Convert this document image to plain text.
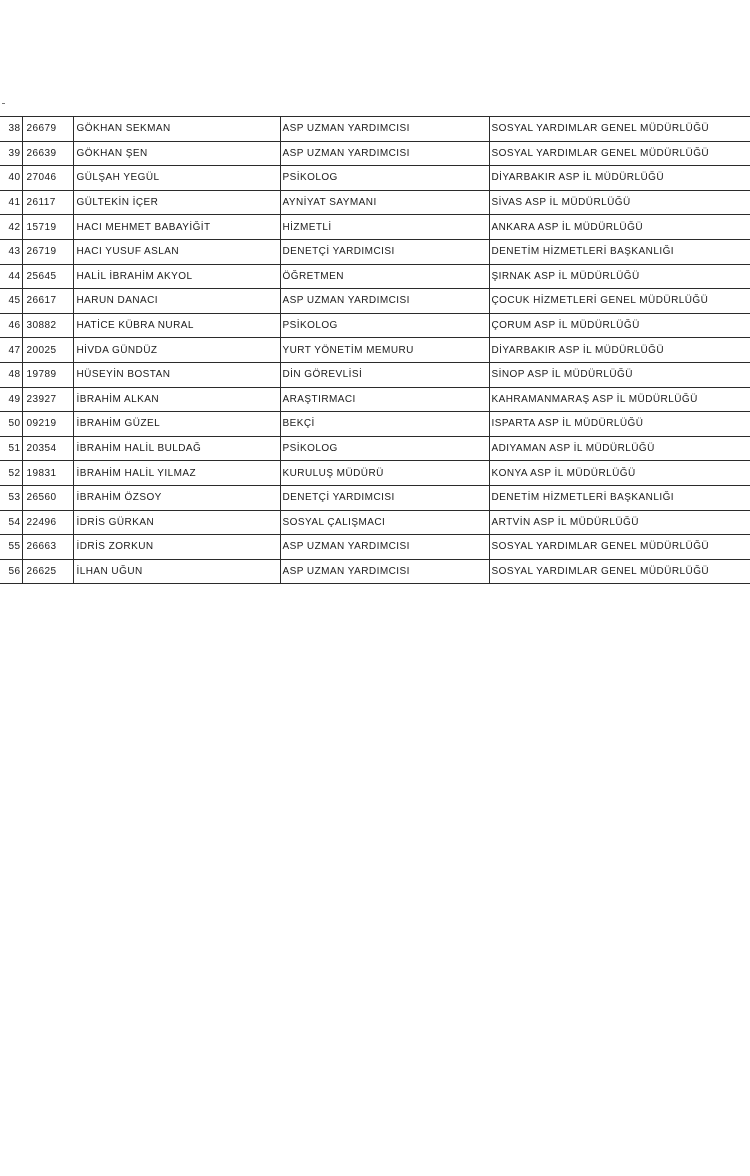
38	26679	GÖKHAN SEKMAN	ASP UZMAN YARDIMCISI	SOSYAL YARDIMLAR GENEL MÜDÜRLÜĞÜ
39	26639	GÖKHAN ŞEN	ASP UZMAN YARDIMCISI	SOSYAL YARDIMLAR GENEL MÜDÜRLÜĞÜ
40	27046	GÜLŞAH YEGÜL	PSİKOLOG	DİYARBAKIR ASP İL MÜDÜRLÜĞÜ
41	26117	GÜLTEKİN İÇER	AYNİYAT SAYMANI	SİVAS ASP İL MÜDÜRLÜĞÜ
42	15719	HACI MEHMET BABAYİĞİT	HİZMETLİ	ANKARA ASP İL MÜDÜRLÜĞÜ
43	26719	HACI YUSUF ASLAN	DENETÇİ YARDIMCISI	DENETİM HİZMETLERİ BAŞKANLIĞI
44	25645	HALİL İBRAHİM AKYOL	ÖĞRETMEN	ŞIRNAK ASP İL MÜDÜRLÜĞÜ
45	26617	HARUN DANACI	ASP UZMAN YARDIMCISI	ÇOCUK HİZMETLERİ GENEL MÜDÜRLÜĞÜ
46	30882	HATİCE KÜBRA NURAL	PSİKOLOG	ÇORUM ASP İL MÜDÜRLÜĞÜ
47	20025	HİVDA GÜNDÜZ	YURT YÖNETİM MEMURU	DİYARBAKIR ASP İL MÜDÜRLÜĞÜ
48	19789	HÜSEYİN BOSTAN	DİN GÖREVLİSİ	SİNOP ASP İL MÜDÜRLÜĞÜ
49	23927	İBRAHİM ALKAN	ARAŞTIRMACI	KAHRAMANMARAŞ ASP İL MÜDÜRLÜĞÜ
50	09219	İBRAHİM GÜZEL	BEKÇİ	ISPARTA ASP İL MÜDÜRLÜĞÜ
51	20354	İBRAHİM HALİL BULDAĞ	PSİKOLOG	ADIYAMAN ASP İL MÜDÜRLÜĞÜ
52	19831	İBRAHİM HALİL YILMAZ	KURULUŞ MÜDÜRÜ	KONYA ASP İL MÜDÜRLÜĞÜ
53	26560	İBRAHİM ÖZSOY	DENETÇİ YARDIMCISI	DENETİM HİZMETLERİ BAŞKANLIĞI
54	22496	İDRİS GÜRKAN	SOSYAL ÇALIŞMACI	ARTVİN ASP İL MÜDÜRLÜĞÜ
55	26663	İDRİS ZORKUN	ASP UZMAN YARDIMCISI	SOSYAL YARDIMLAR GENEL MÜDÜRLÜĞÜ
56	26625	İLHAN UĞUN	ASP UZMAN YARDIMCISI	SOSYAL YARDIMLAR GENEL MÜDÜRLÜĞÜ
